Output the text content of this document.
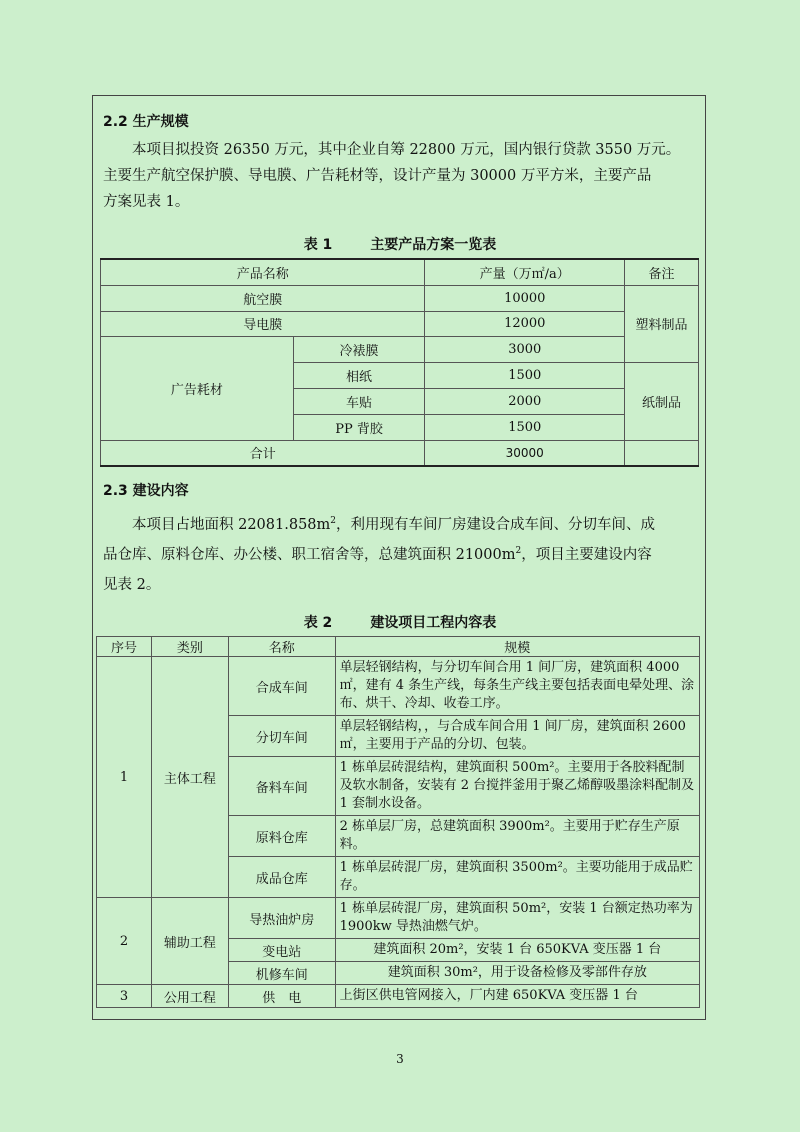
2.2 生产规模
本项目拟投资 26350 万元，其中企业自筹 22800 万元，国内银行贷款 3550 万元。
主要生产航空保护膜、导电膜、广告耗材等，设计产量为 30000 万平方米，主要产品
方案见表 1。
表 1	主要产品方案一览表
产品名称		产量（万㎡/a）	备注
航空膜		10000	塑料制品
导电膜		12000	
广告耗材	冷裱膜	3000	
	相纸	1500	纸制品
	车贴	2000	
	PP 背胶	1500	
合计		30000	
2.3 建设内容
本项目占地面积 $22081.858m^2$，利用现有车间厂房建设合成车间、分切车间、成
品仓库、原料仓库、办公楼、职工宿舍等，总建筑面积 $21000m^2$，项目主要建设内容
见表 2。
表 2	建设项目工程内容表
序号	类别	名称	规模
1	主体工程	合成车间	单层轻钢结构，与分切车间合用 1 间厂房，建筑面积 4000㎡，建有 4 条生产线，每条生产线主要包括表面电晕处理、涂布、烘干、冷却、收卷工序。
		分切车间	单层轻钢结构，，与合成车间合用 1 间厂房，建筑面积 2600㎡，主要用于产品的分切、包装。
		备料车间	1 栋单层砖混结构，建筑面积 500m²。主要用于各胶料配制及软水制备，安装有 2 台搅拌釜用于聚乙烯醇吸墨涂料配制及 1 套制水设备。
		原料仓库	2 栋单层厂房，总建筑面积 3900m²。主要用于贮存生产原料。
		成品仓库	1 栋单层砖混厂房，建筑面积 3500m²。主要功能用于成品贮存。
2	辅助工程	导热油炉房	1 栋单层砖混厂房，建筑面积 50m²，安装 1 台额定热功率为 1900kw 导热油燃气炉。
		变电站	建筑面积 20m²，安装 1 台 650KVA 变压器 1 台
		机修车间	建筑面积 30m²，用于设备检修及零部件存放
3	公用工程	供　电	上街区供电管网接入，厂内建 650KVA 变压器 1 台
3
